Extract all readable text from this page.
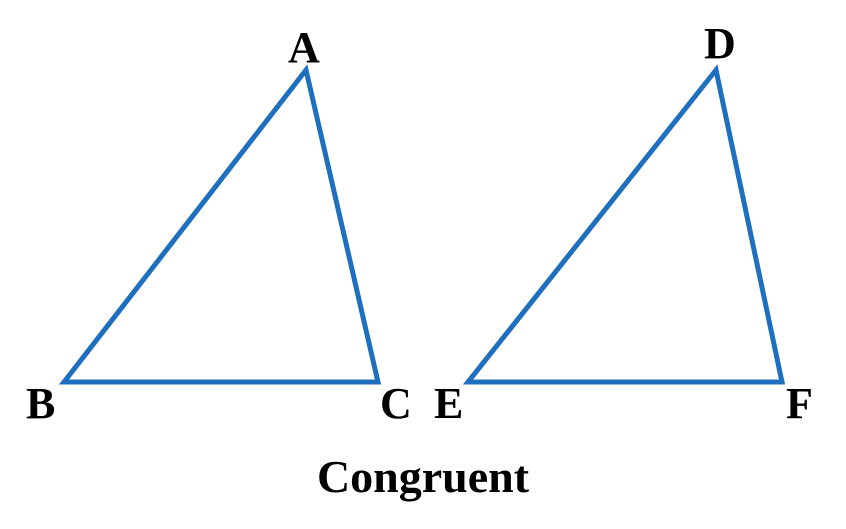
A
B	C
D
E	F
Congruent
